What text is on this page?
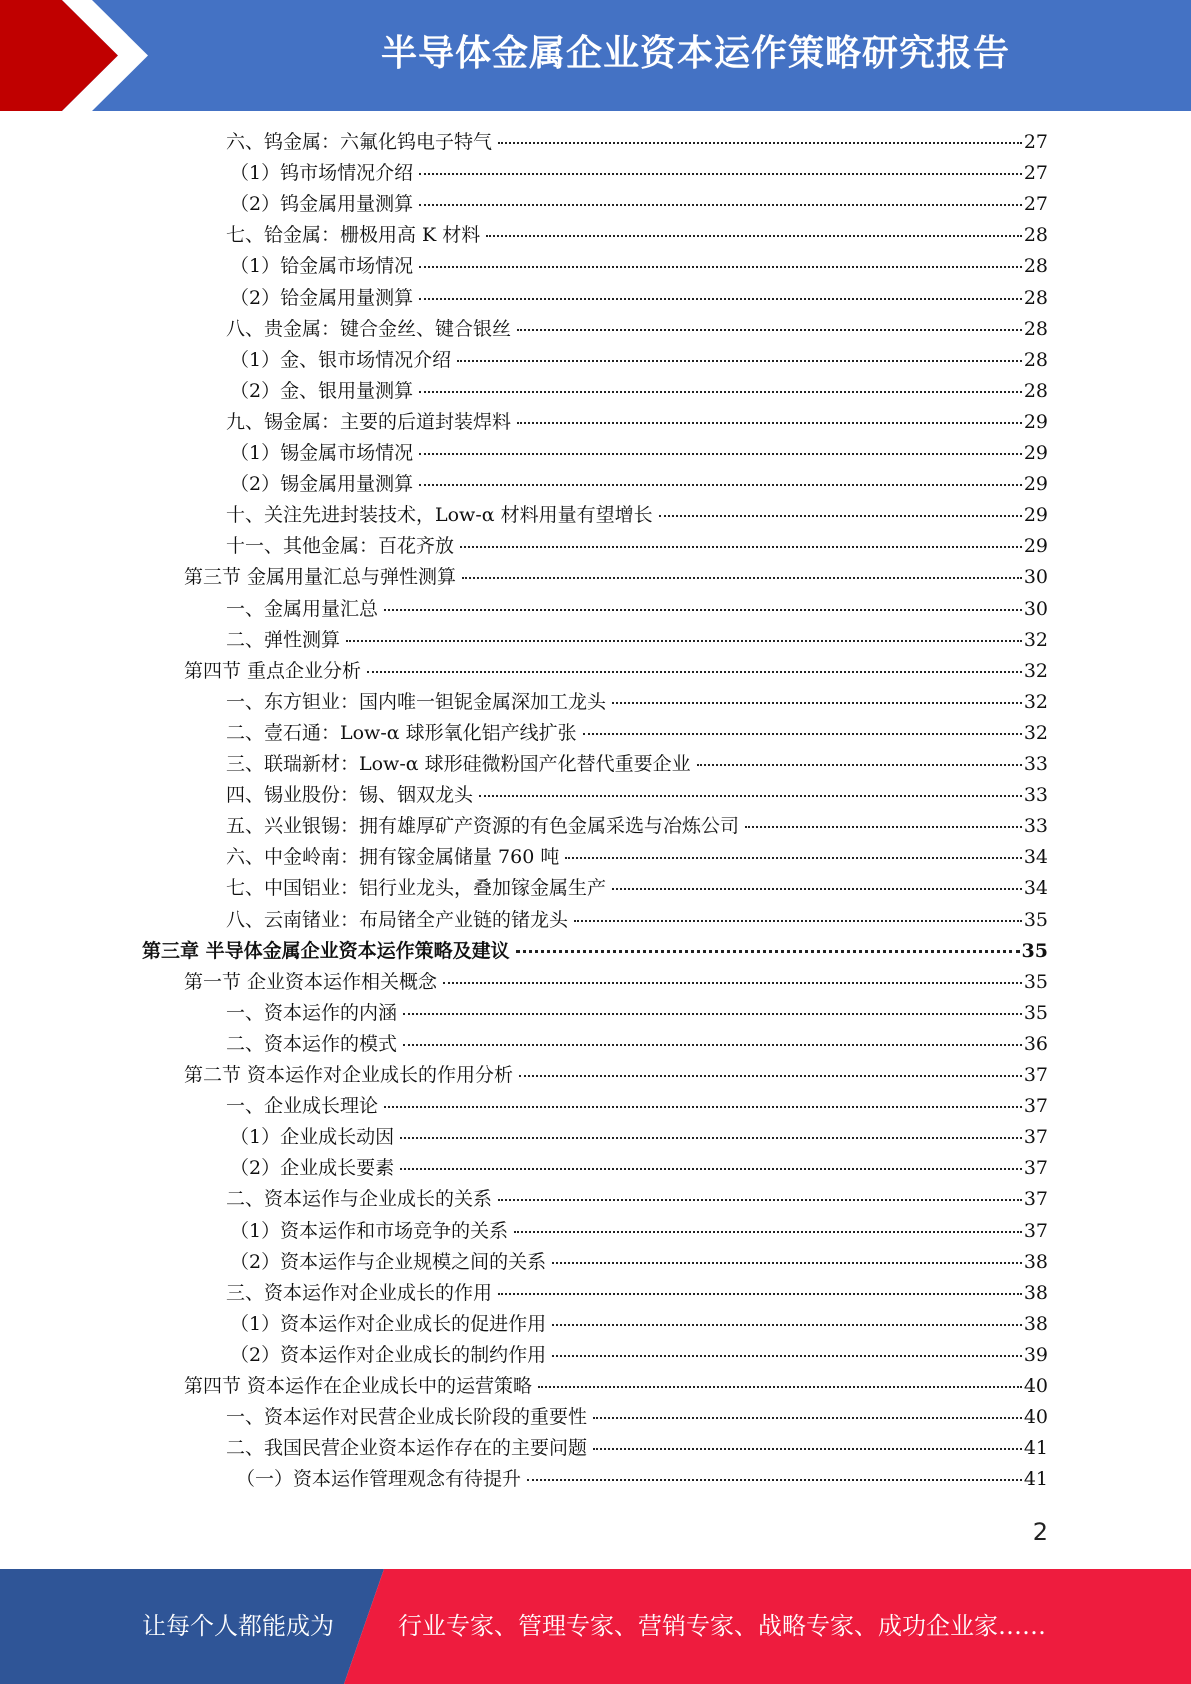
半导体金属企业资本运作策略研究报告
六、钨金属：六氟化钨电子特气	27
（1）钨市场情况介绍	27
（2）钨金属用量测算	27
七、铪金属：栅极用高 K 材料	28
（1）铪金属市场情况	28
（2）铪金属用量测算	28
八、贵金属：键合金丝、键合银丝	28
（1）金、银市场情况介绍	28
（2）金、银用量测算	28
九、锡金属：主要的后道封装焊料	29
（1）锡金属市场情况	29
（2）锡金属用量测算	29
十、关注先进封装技术，Low-α 材料用量有望增长	29
十一、其他金属：百花齐放	29
第三节 金属用量汇总与弹性测算	30
一、金属用量汇总	30
二、弹性测算	32
第四节 重点企业分析	32
一、东方钽业：国内唯一钽铌金属深加工龙头	32
二、壹石通：Low-α 球形氧化铝产线扩张	32
三、联瑞新材：Low-α 球形硅微粉国产化替代重要企业	33
四、锡业股份：锡、铟双龙头	33
五、兴业银锡：拥有雄厚矿产资源的有色金属采选与冶炼公司	33
六、中金岭南：拥有镓金属储量 760 吨	34
七、中国铝业：铝行业龙头，叠加镓金属生产	34
八、云南锗业：布局锗全产业链的锗龙头	35
第三章 半导体金属企业资本运作策略及建议	35
第一节 企业资本运作相关概念	35
一、资本运作的内涵	35
二、资本运作的模式	36
第二节 资本运作对企业成长的作用分析	37
一、企业成长理论	37
（1）企业成长动因	37
（2）企业成长要素	37
二、资本运作与企业成长的关系	37
（1）资本运作和市场竞争的关系	37
（2）资本运作与企业规模之间的关系	38
三、资本运作对企业成长的作用	38
（1）资本运作对企业成长的促进作用	38
（2）资本运作对企业成长的制约作用	39
第四节 资本运作在企业成长中的运营策略	40
一、资本运作对民营企业成长阶段的重要性	40
二、我国民营企业资本运作存在的主要问题	41
（一）资本运作管理观念有待提升	41
2
让每个人都能成为	行业专家、管理专家、营销专家、战略专家、成功企业家……
